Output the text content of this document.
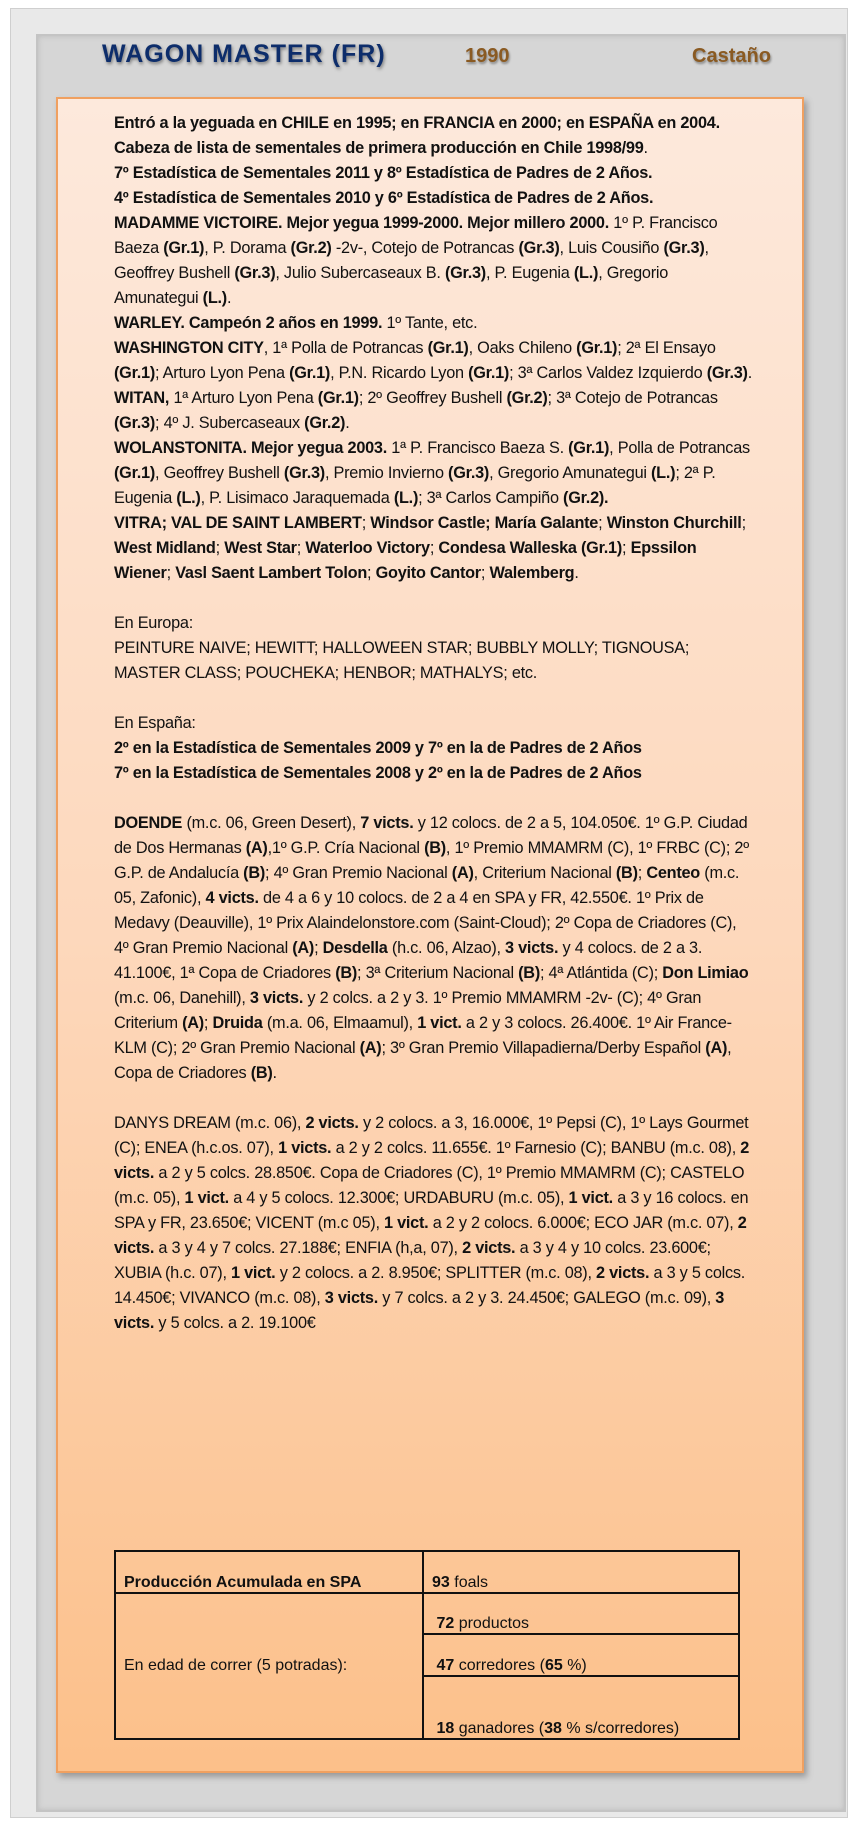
WAGON MASTER (FR)	1990	Castaño

Entró a la yeguada en CHILE en 1995; en FRANCIA en 2000; en ESPAÑA en 2004.

Cabeza de lista de sementales de primera producción en Chile 1998/99.

7º Estadística de Sementales 2011 y 8º Estadística de Padres de 2 Años.

4º Estadística de Sementales 2010 y 6º Estadística de Padres de 2 Años.

MADAMME VICTOIRE. Mejor yegua 1999-2000. Mejor millero 2000. 1º P. Francisco Baeza (Gr.1), P. Dorama (Gr.2) -2v-, Cotejo de Potrancas (Gr.3), Luis Cousiño (Gr.3), Geoffrey Bushell (Gr.3), Julio Subercaseaux B. (Gr.3), P. Eugenia (L.), Gregorio Amunategui (L.).

WARLEY. Campeón 2 años en 1999. 1º Tante, etc.

WASHINGTON CITY, 1ª Polla de Potrancas (Gr.1), Oaks Chileno (Gr.1); 2ª El Ensayo (Gr.1); Arturo Lyon Pena (Gr.1), P.N. Ricardo Lyon (Gr.1); 3ª Carlos Valdez Izquierdo (Gr.3).

WITAN, 1ª Arturo Lyon Pena (Gr.1); 2º Geoffrey Bushell (Gr.2); 3ª Cotejo de Potrancas (Gr.3); 4º J. Subercaseaux (Gr.2).

WOLANSTONITA. Mejor yegua 2003. 1ª P. Francisco Baeza S. (Gr.1), Polla de Potrancas (Gr.1), Geoffrey Bushell (Gr.3), Premio Invierno (Gr.3), Gregorio Amunategui (L.); 2ª P. Eugenia (L.), P. Lisimaco Jaraquemada (L.); 3ª Carlos Campiño (Gr.2).

VITRA; VAL DE SAINT LAMBERT; Windsor Castle; María Galante; Winston Churchill; West Midland; West Star; Waterloo Victory; Condesa Walleska (Gr.1); Epssilon Wiener; Vasl Saent Lambert Tolon; Goyito Cantor; Walemberg.

En Europa:

PEINTURE NAIVE; HEWITT; HALLOWEEN STAR; BUBBLY MOLLY; TIGNOUSA; MASTER CLASS; POUCHEKA; HENBOR; MATHALYS; etc.

En España:

2º en la Estadística de Sementales 2009 y 7º en la de Padres de 2 Años

7º en la Estadística de Sementales 2008 y 2º en la de Padres de 2 Años

DOENDE (m.c. 06, Green Desert), 7 victs. y 12 colocs. de 2 a 5, 104.050€. 1º G.P. Ciudad de Dos Hermanas (A),1º G.P. Cría Nacional (B), 1º Premio MMAMRM (C), 1º FRBC (C); 2º G.P. de Andalucía (B); 4º Gran Premio Nacional (A), Criterium Nacional (B); Centeo (m.c. 05, Zafonic), 4 victs. de 4 a 6 y 10 colocs. de 2 a 4 en SPA y FR, 42.550€. 1º Prix de Medavy (Deauville), 1º Prix Alaindelonstore.com (Saint-Cloud); 2º Copa de Criadores (C), 4º Gran Premio Nacional (A); Desdella (h.c. 06, Alzao), 3 victs. y 4 colocs. de 2 a 3. 41.100€, 1ª Copa de Criadores (B); 3ª Criterium Nacional (B); 4ª Atlántida (C); Don Limiao (m.c. 06, Danehill), 3 victs. y 2 colcs. a 2 y 3. 1º Premio MMAMRM -2v- (C); 4º Gran Criterium (A); Druida (m.a. 06, Elmaamul), 1 vict. a 2 y 3 colocs. 26.400€. 1º Air France-KLM (C); 2º Gran Premio Nacional (A); 3º Gran Premio Villapadierna/Derby Español (A), Copa de Criadores (B).

DANYS DREAM (m.c. 06), 2 victs. y 2 colocs. a 3, 16.000€, 1º Pepsi (C), 1º Lays Gourmet (C); ENEA (h.c.os. 07), 1 victs. a 2 y 2 colcs. 11.655€. 1º Farnesio (C); BANBU (m.c. 08), 2 victs. a 2 y 5 colcs. 28.850€. Copa de Criadores (C), 1º Premio MMAMRM (C); CASTELO (m.c. 05), 1 vict. a 4 y 5 colocs. 12.300€; URDABURU (m.c. 05), 1 vict. a 3 y 16 colocs. en SPA y FR, 23.650€; VICENT (m.c 05), 1 vict. a 2 y 2 colocs. 6.000€; ECO JAR (m.c. 07), 2 victs. a 3 y 4 y 7 colcs. 27.188€; ENFIA (h,a, 07), 2 victs. a 3 y 4 y 10 colcs. 23.600€; XUBIA (h.c. 07), 1 vict. y 2 colocs. a 2. 8.950€; SPLITTER (m.c. 08), 2 victs. a 3 y 5 colcs. 14.450€; VIVANCO (m.c. 08), 3 victs. y 7 colcs. a 2 y 3. 24.450€; GALEGO (m.c. 09), 3 victs. y 5 colcs. a 2. 19.100€

Producción Acumulada en SPA	93 foals
En edad de correr (5 potradas):	72 productos
	47 corredores (65 %)
	18 ganadores (38 % s/corredores)
